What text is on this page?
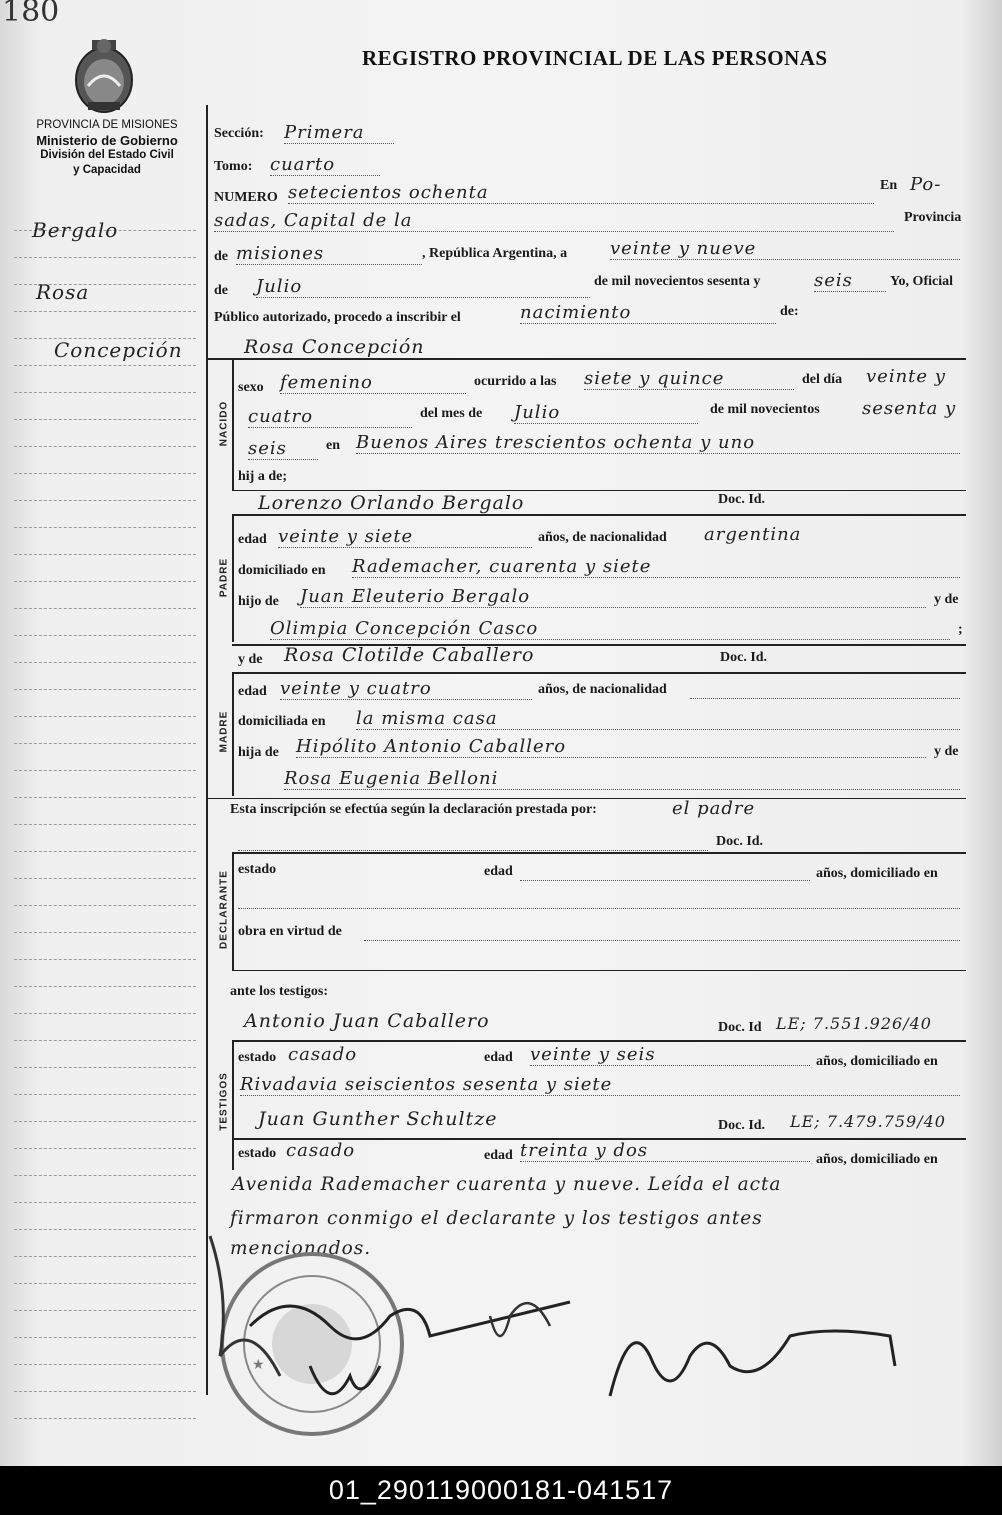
180
PROVINCIA DE MISIONES
Ministerio de Gobierno
División del Estado Civil
y Capacidad
REGISTRO PROVINCIAL DE LAS PERSONAS
Bergalo
Rosa
Concepción
Sección: Primera
Tomo: cuarto
NUMERO setecientos ochenta	En Po-
sadas, Capital de la	Provincia
de misiones	, República Argentina, a veinte y nueve
de Julio	de mil novecientos sesenta y	seis	Yo, Oficial
Público autorizado, procedo a inscribir el	nacimiento	de:
NACIDO
Rosa Concepción
sexo femenino	ocurrido a las siete y quince	del día veinte y
cuatro	del mes de Julio	de mil novecientos sesenta y
seis	en Buenos Aires trescientos ochenta y uno
hij a de;
Lorenzo Orlando Bergalo	Doc. Id.
PADRE
edad veinte y siete	años, de nacionalidad argentina
domiciliado en Rademacher, cuarenta y siete
hijo de Juan Eleuterio Bergalo	y de
Olimpia Concepción Casco	;
y de Rosa Clotilde Caballero	Doc. Id.
MADRE
edad veinte y cuatro	años, de nacionalidad
domiciliada en la misma casa
hija de Hipólito Antonio Caballero	y de
Rosa Eugenia Belloni
Esta inscripción se efectúa según la declaración prestada por:	el padre
Doc. Id.
DECLARANTE
estado	edad	años, domiciliado en
obra en virtud de
ante los testigos:
Antonio Juan Caballero	Doc. Id LE; 7.551.926/40
TESTIGOS
estado casado	edad veinte y seis	años, domiciliado en
Rivadavia seiscientos sesenta y siete
Juan Gunther Schultze	Doc. Id. LE; 7.479.759/40
estado casado	edad treinta y dos	años, domiciliado en
Avenida Rademacher cuarenta y nueve. Leída el acta
firmaron conmigo el declarante y los testigos antes
mencionados.
★
01_290119000181-041517
